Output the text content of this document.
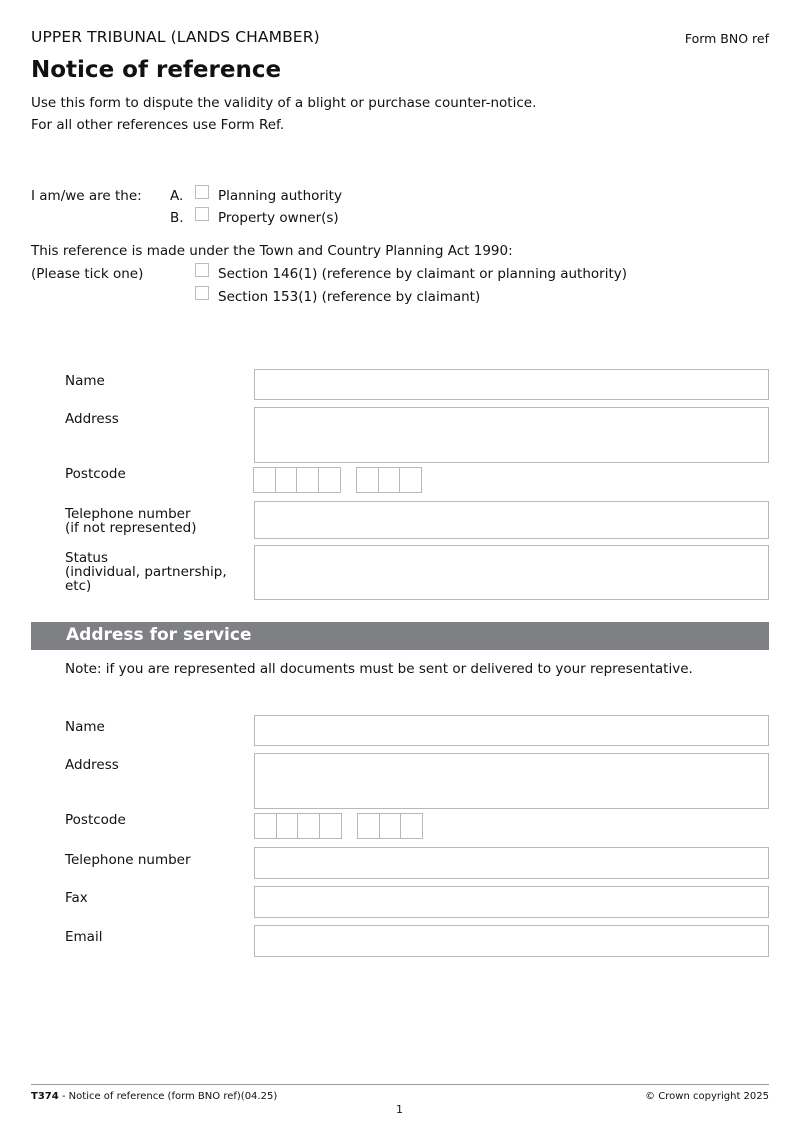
UPPER TRIBUNAL (LANDS CHAMBER)	Form BNO ref
Notice of reference
Use this form to dispute the validity of a blight or purchase counter-notice.
For all other references use Form Ref.
I am/we are the: A.	Planning authority
B.	Property owner(s)
This reference is made under the Town and Country Planning Act 1990:
(Please tick one)	Section 146(1) (reference by claimant or planning authority)
Section 153(1) (reference by claimant)
Name
Address
Postcode
Telephone number
(if not represented)
Status
(individual, partnership,
etc)
Address for service
Note: if you are represented all documents must be sent or delivered to your representative.
Name
Address
Postcode
Telephone number
Fax
Email
T374 - Notice of reference (form BNO ref)(04.25)	© Crown copyright 2025
1
